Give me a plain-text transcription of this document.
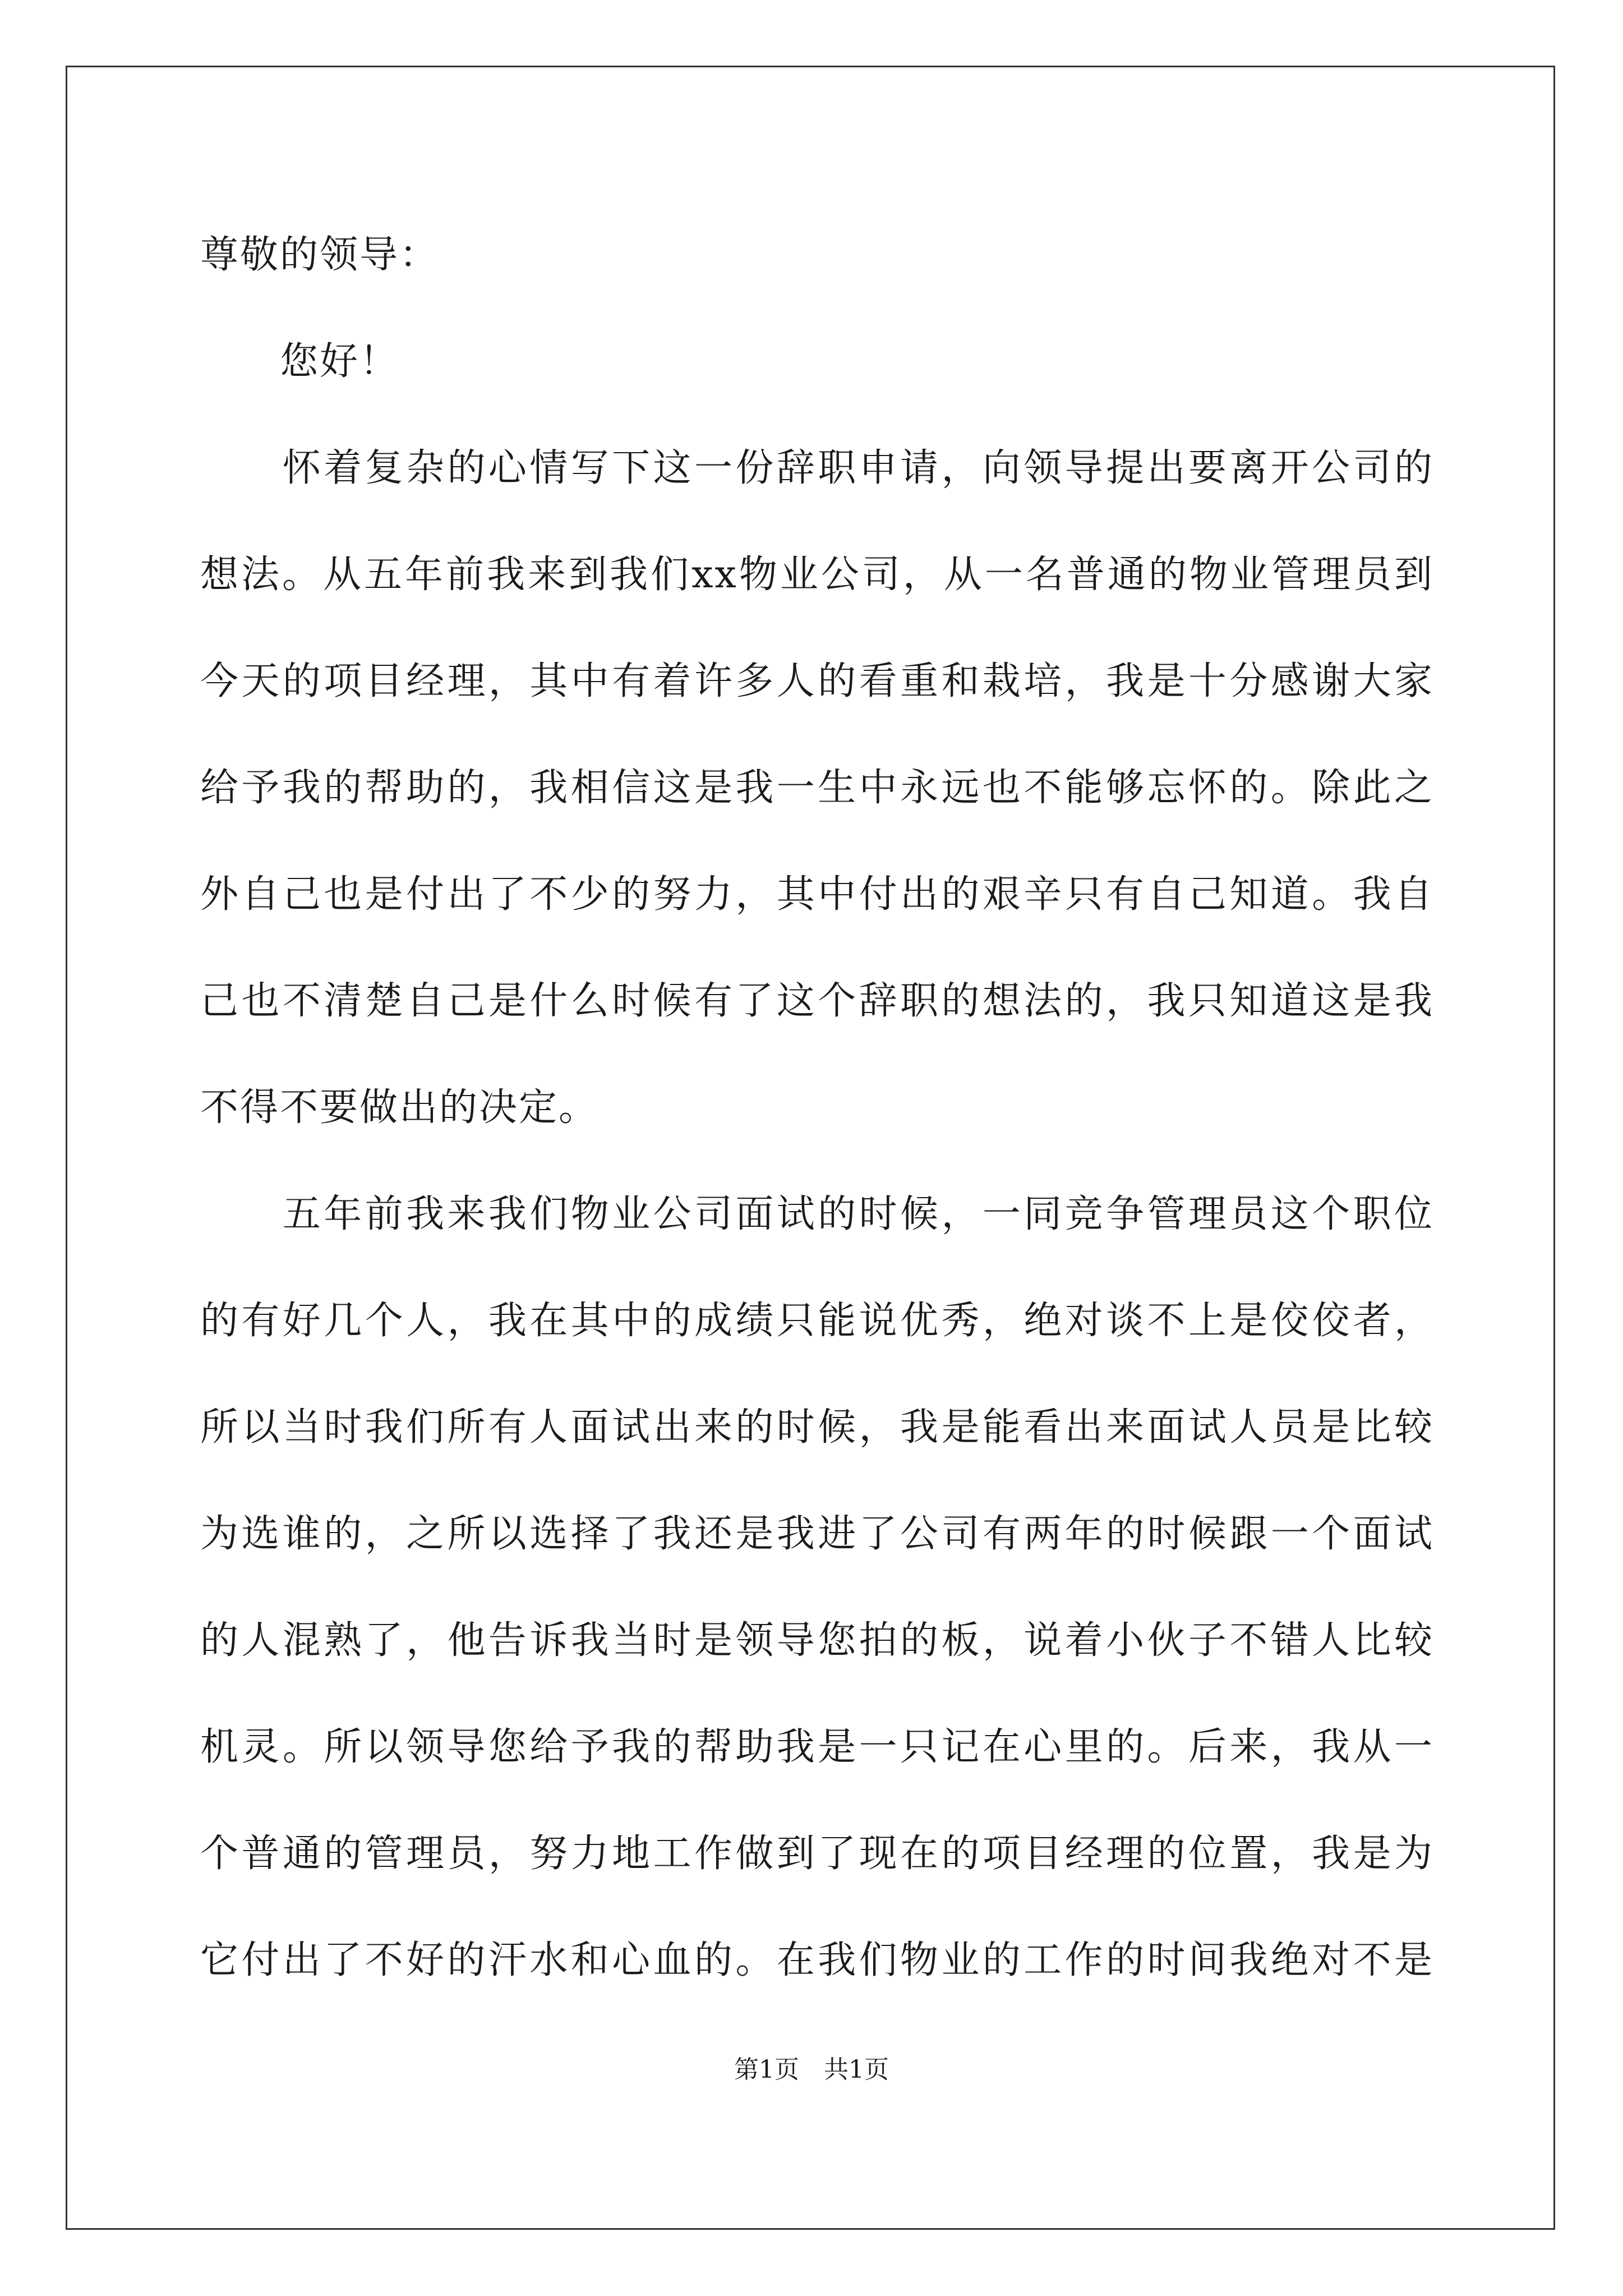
尊敬的领导：

　　您好！

　　怀着复杂的心情写下这一份辞职申请，向领导提出要离开公司的

想法。从五年前我来到我们xx物业公司，从一名普通的物业管理员到

今天的项目经理，其中有着许多人的看重和栽培，我是十分感谢大家

给予我的帮助的，我相信这是我一生中永远也不能够忘怀的。除此之

外自己也是付出了不少的努力，其中付出的艰辛只有自己知道。我自

己也不清楚自己是什么时候有了这个辞职的想法的，我只知道这是我

不得不要做出的决定。

　　五年前我来我们物业公司面试的时候，一同竞争管理员这个职位

的有好几个人，我在其中的成绩只能说优秀，绝对谈不上是佼佼者，

所以当时我们所有人面试出来的时候，我是能看出来面试人员是比较

为选谁的，之所以选择了我还是我进了公司有两年的时候跟一个面试

的人混熟了，他告诉我当时是领导您拍的板，说着小伙子不错人比较

机灵。所以领导您给予我的帮助我是一只记在心里的。后来，我从一

个普通的管理员，努力地工作做到了现在的项目经理的位置，我是为

它付出了不好的汗水和心血的。在我们物业的工作的时间我绝对不是

第1页　共1页
